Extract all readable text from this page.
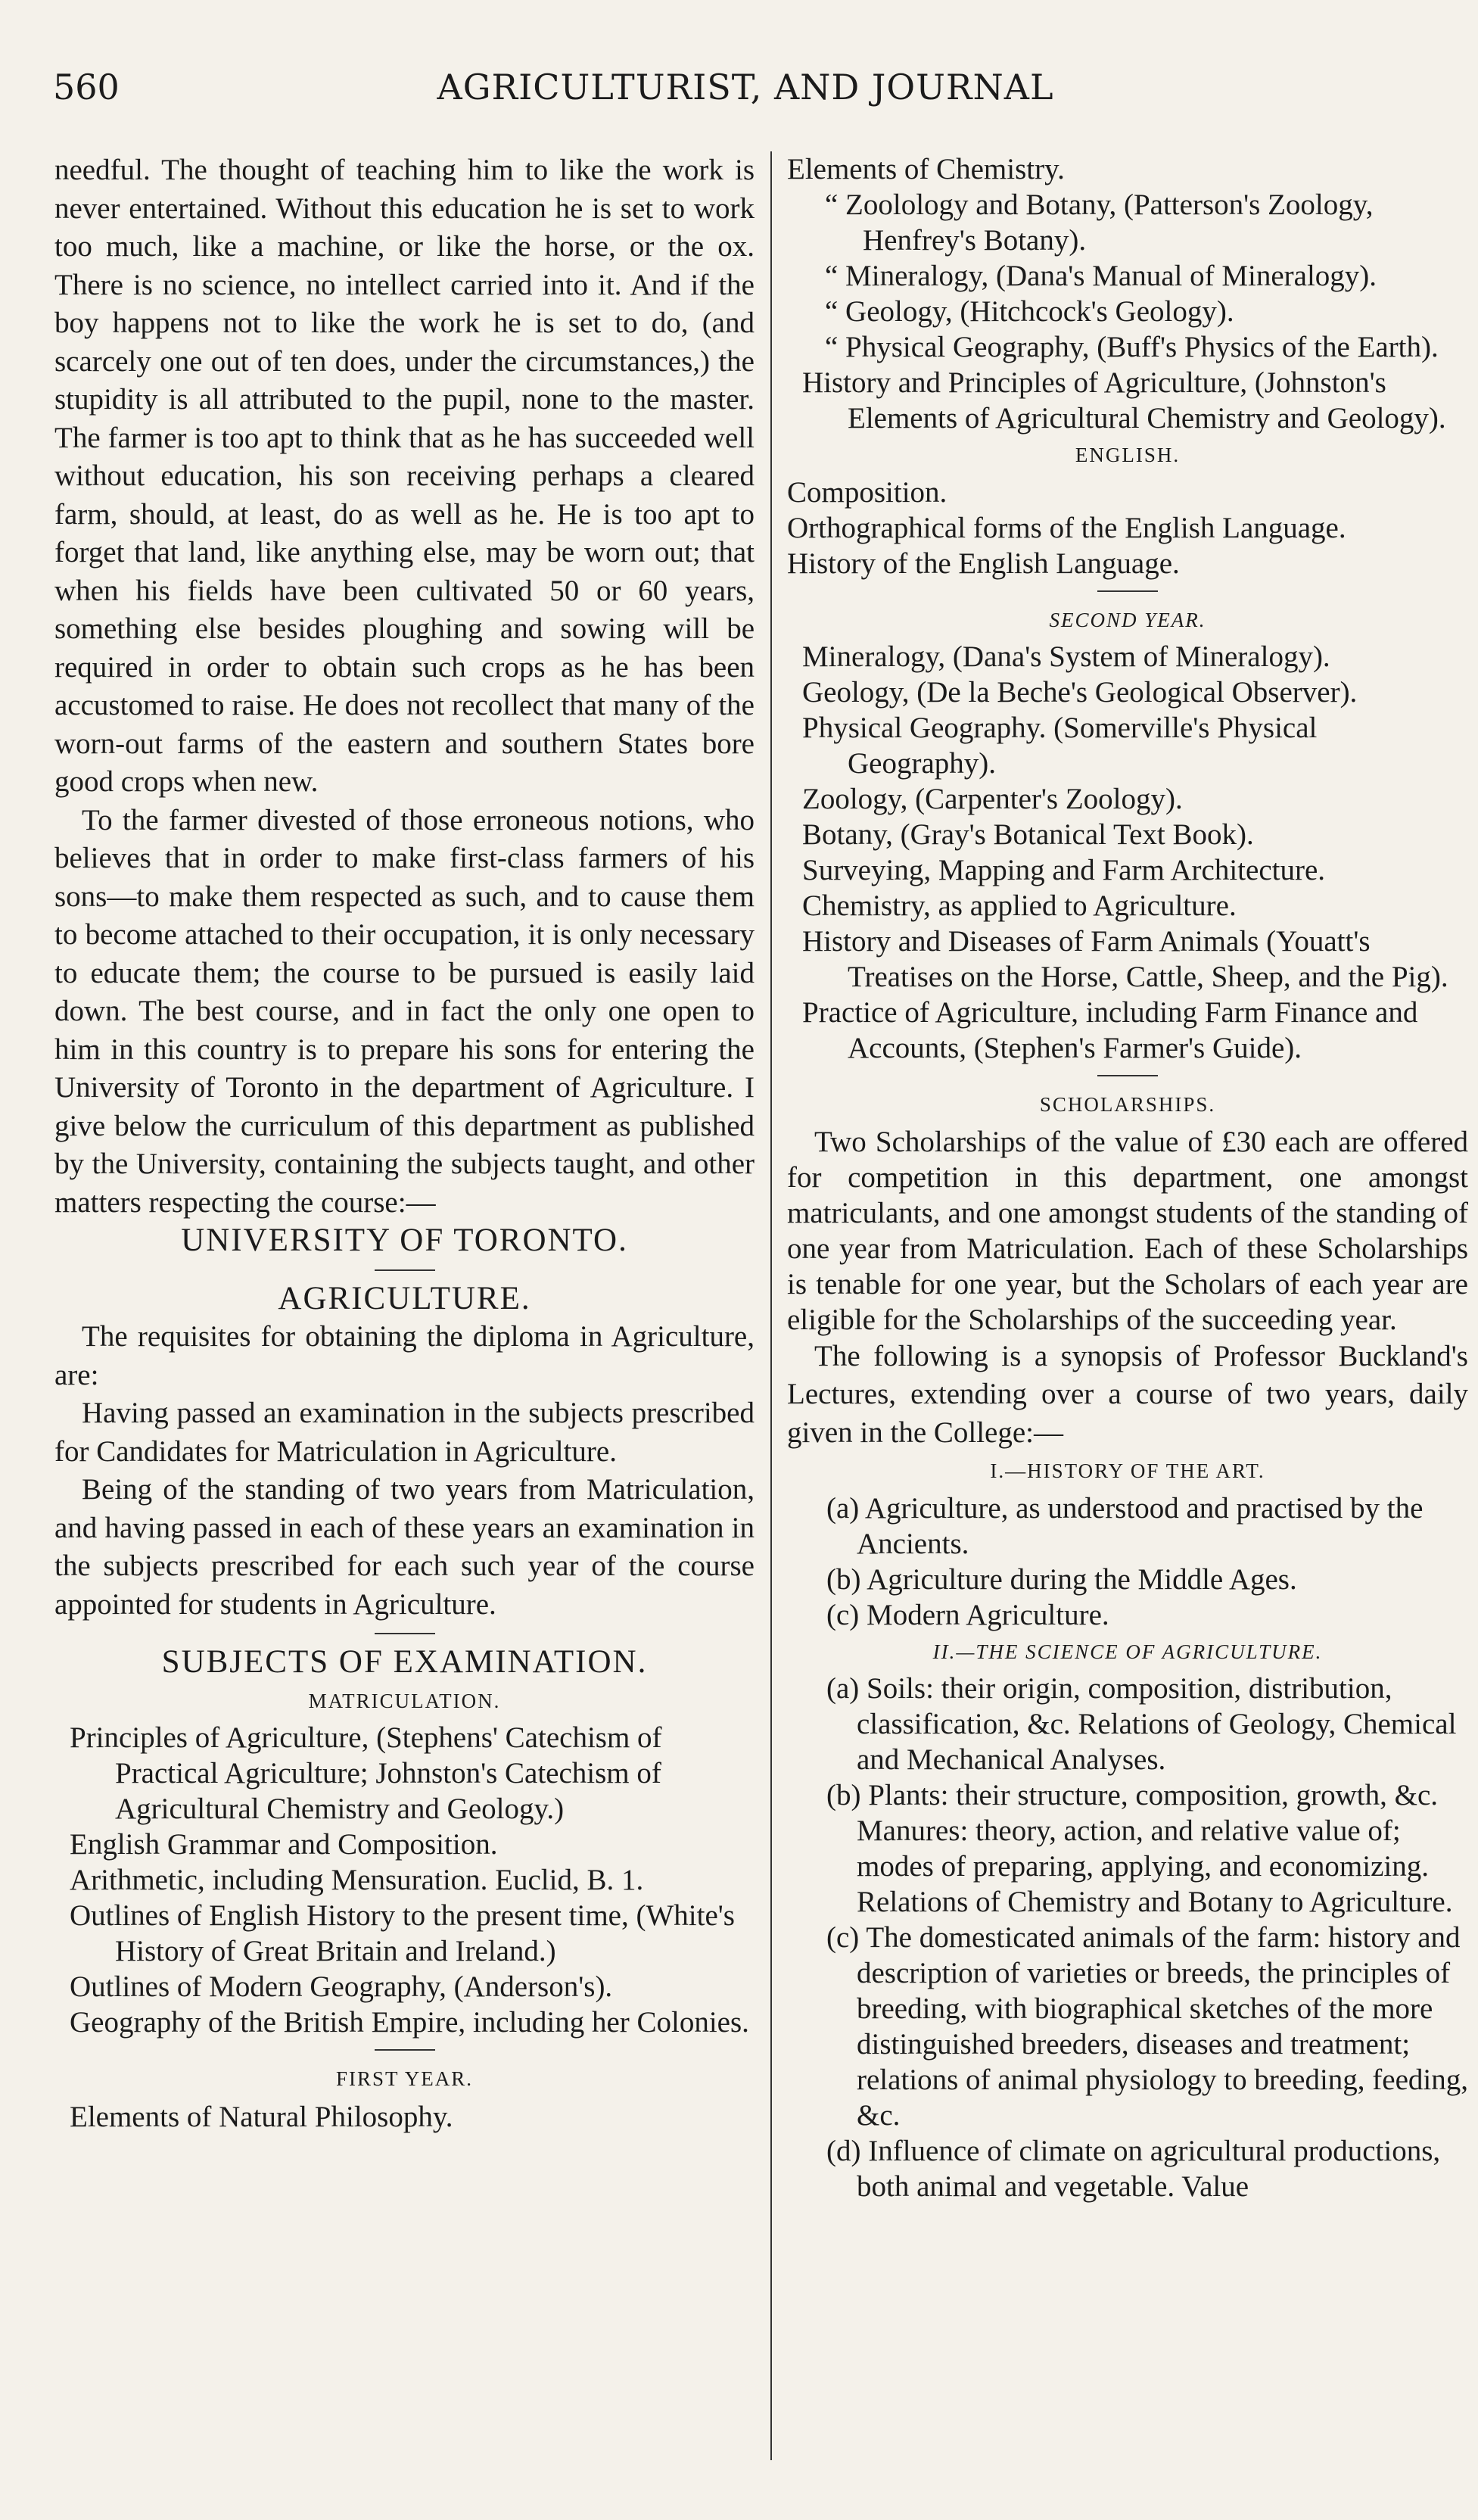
560	AGRICULTURIST, AND JOURNAL

needful. The thought of teaching him to like the work is never entertained. Without this education he is set to work too much, like a machine, or like the horse, or the ox. There is no science, no intellect carried into it. And if the boy happens not to like the work he is set to do, (and scarcely one out of ten does, under the circumstances,) the stupidity is all attributed to the pupil, none to the master. The farmer is too apt to think that as he has succeeded well without education, his son receiving perhaps a cleared farm, should, at least, do as well as he. He is too apt to forget that land, like anything else, may be worn out; that when his fields have been cultivated 50 or 60 years, something else besides ploughing and sowing will be required in order to obtain such crops as he has been accustomed to raise. He does not recollect that many of the worn-out farms of the eastern and southern States bore good crops when new.

To the farmer divested of those erroneous notions, who believes that in order to make first-class farmers of his sons—to make them respected as such, and to cause them to become attached to their occupation, it is only necessary to educate them; the course to be pursued is easily laid down. The best course, and in fact the only one open to him in this country is to prepare his sons for entering the University of Toronto in the department of Agriculture. I give below the curriculum of this department as published by the University, containing the subjects taught, and other matters respecting the course:—

UNIVERSITY OF TORONTO.

AGRICULTURE.

The requisites for obtaining the diploma in Agriculture, are:

Having passed an examination in the subjects prescribed for Candidates for Matriculation in Agriculture.

Being of the standing of two years from Matriculation, and having passed in each of these years an examination in the subjects prescribed for each such year of the course appointed for students in Agriculture.

SUBJECTS OF EXAMINATION.

MATRICULATION.

Principles of Agriculture, (Stephens' Catechism of Practical Agriculture; Johnston's Catechism of Agricultural Chemistry and Geology.)

English Grammar and Composition.

Arithmetic, including Mensuration. Euclid, B. 1.

Outlines of English History to the present time, (White's History of Great Britain and Ireland.)

Outlines of Modern Geography, (Anderson's).

Geography of the British Empire, including her Colonies.

FIRST YEAR.

Elements of Natural Philosophy.

Elements of Chemistry.

“ Zoolology and Botany, (Patterson's Zoology, Henfrey's Botany).

“ Mineralogy, (Dana's Manual of Mineralogy).

“ Geology, (Hitchcock's Geology).

“ Physical Geography, (Buff's Physics of the Earth).

History and Principles of Agriculture, (Johnston's Elements of Agricultural Chemistry and Geology).

ENGLISH.

Composition.

Orthographical forms of the English Language.

History of the English Language.

SECOND YEAR.

Mineralogy, (Dana's System of Mineralogy).

Geology, (De la Beche's Geological Observer).

Physical Geography. (Somerville's Physical Geography).

Zoology, (Carpenter's Zoology).

Botany, (Gray's Botanical Text Book).

Surveying, Mapping and Farm Architecture.

Chemistry, as applied to Agriculture.

History and Diseases of Farm Animals (Youatt's Treatises on the Horse, Cattle, Sheep, and the Pig).

Practice of Agriculture, including Farm Finance and Accounts, (Stephen's Farmer's Guide).

SCHOLARSHIPS.

Two Scholarships of the value of £30 each are offered for competition in this department, one amongst matriculants, and one amongst students of the standing of one year from Matriculation. Each of these Scholarships is tenable for one year, but the Scholars of each year are eligible for the Scholarships of the succeeding year.

The following is a synopsis of Professor Buckland's Lectures, extending over a course of two years, daily given in the College:—

I.—HISTORY OF THE ART.

(a) Agriculture, as understood and practised by the Ancients.

(b) Agriculture during the Middle Ages.

(c) Modern Agriculture.

II.—THE SCIENCE OF AGRICULTURE.

(a) Soils: their origin, composition, distribution, classification, &c. Relations of Geology, Chemical and Mechanical Analyses.

(b) Plants: their structure, composition, growth, &c. Manures: theory, action, and relative value of; modes of preparing, applying, and economizing. Relations of Chemistry and Botany to Agriculture.

(c) The domesticated animals of the farm: history and description of varieties or breeds, the principles of breeding, with biographical sketches of the more distinguished breeders, diseases and treatment; relations of animal physiology to breeding, feeding, &c.

(d) Influence of climate on agricultural productions, both animal and vegetable. Value
